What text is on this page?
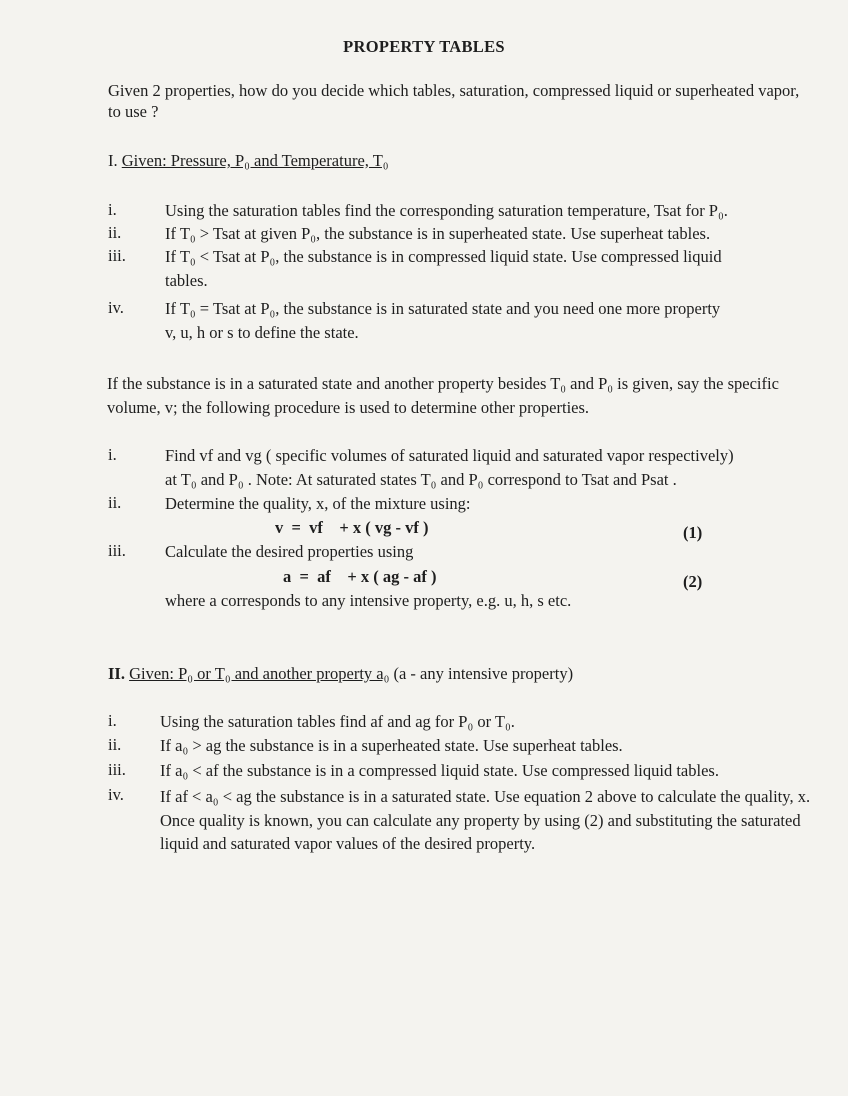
PROPERTY TABLES
Given 2 properties, how do you decide which tables, saturation, compressed liquid or superheated vapor, to use ?
I. Given: Pressure, P₀ and Temperature, T₀
i.	Using the saturation tables find the corresponding saturation temperature, Tsat for P₀.
ii.	If T₀ > Tsat at given P₀, the substance is in superheated state. Use superheat tables.
iii.	If T₀ < Tsat at P₀, the substance is in compressed liquid state. Use compressed liquid
tables.
iv.	If T₀ = Tsat at P₀, the substance is in saturated state and you need one more property
v, u, h or s to define the state.
If the substance is in a saturated state and another property besides T₀ and P₀ is given, say the specific volume, v; the following procedure is used to determine other properties.
i.	Find vf and vg ( specific volumes of saturated liquid and saturated vapor respectively)
at T₀ and P₀ . Note: At saturated states T₀ and P₀ correspond to Tsat and Psat .
ii.	Determine the quality, x, of the mixture using:
v  =  vf    + x ( vg - vf )	(1)
iii.	Calculate the desired properties using
a  =  af    + x ( ag - af )	(2)
where a corresponds to any intensive property, e.g. u, h, s etc.
II. Given: P₀ or T₀ and another property a₀ (a - any intensive property)
i.	Using the saturation tables find af and ag for P₀ or T₀.
ii.	If a₀ > ag the substance is in a superheated state. Use superheat tables.
iii.	If a₀ < af the substance is in a compressed liquid state. Use compressed liquid tables.
iv.	If af < a₀ < ag the substance is in a saturated state. Use equation 2 above to calculate the quality, x. Once quality is known, you can calculate any property by using (2) and substituting the saturated liquid and saturated vapor values of the desired property.
